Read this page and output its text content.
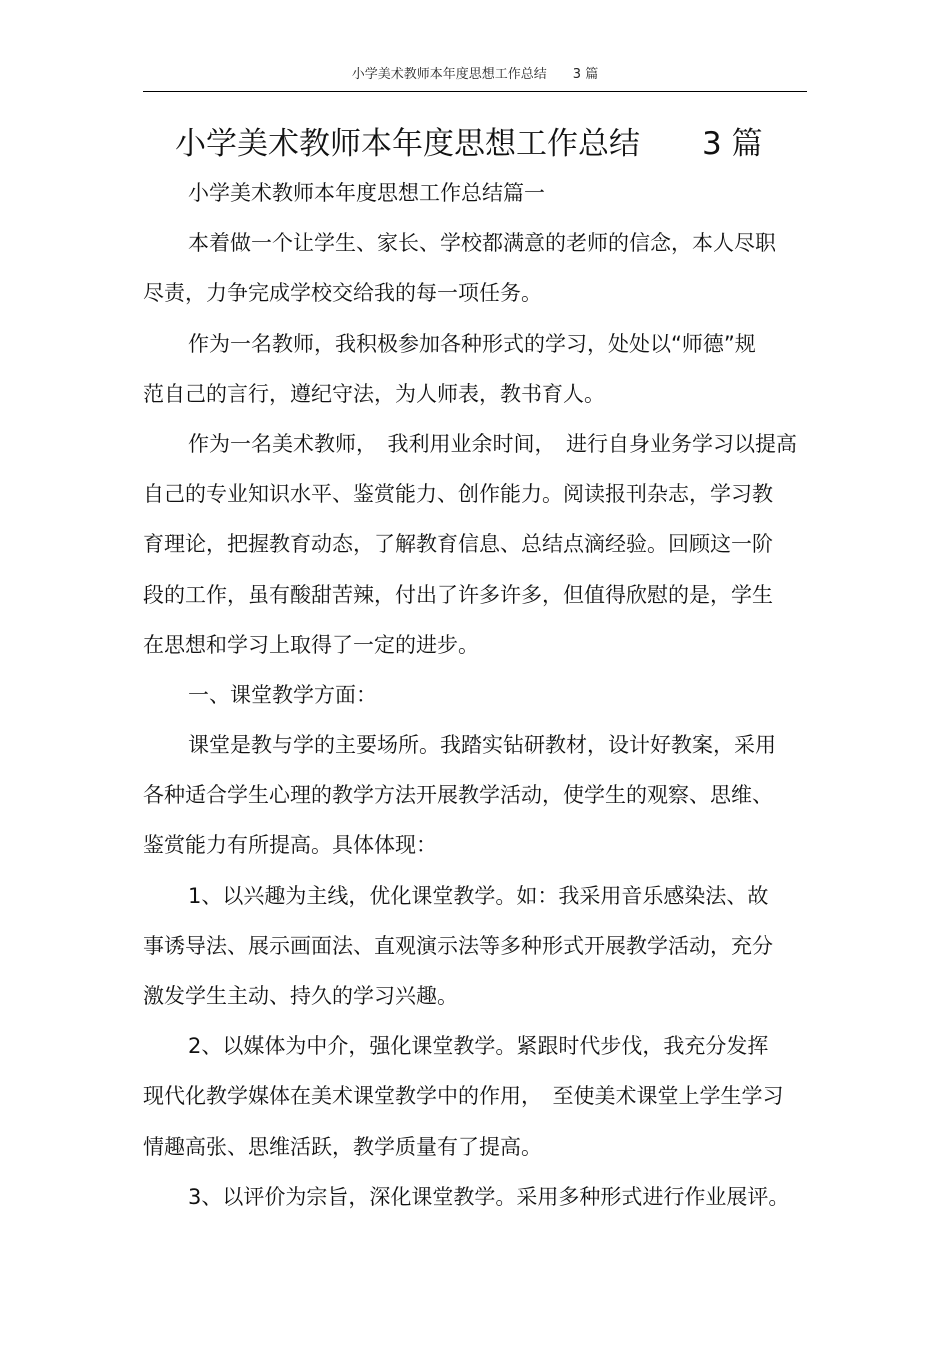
小学美术教师本年度思想工作总结　　3 篇
小学美术教师本年度思想工作总结　　3 篇
小学美术教师本年度思想工作总结篇一
本着做一个让学生、家长、学校都满意的老师的信念，本人尽职
尽责，力争完成学校交给我的每一项任务。
作为一名教师，我积极参加各种形式的学习，处处以“师德”规
范自己的言行，遵纪守法，为人师表，教书育人。
作为一名美术教师，　我利用业余时间，　进行自身业务学习以提高
自己的专业知识水平、鉴赏能力、创作能力。阅读报刊杂志，学习教
育理论，把握教育动态，了解教育信息、总结点滴经验。回顾这一阶
段的工作，虽有酸甜苦辣，付出了许多许多，但值得欣慰的是，学生
在思想和学习上取得了一定的进步。
一、课堂教学方面：
课堂是教与学的主要场所。我踏实钻研教材，设计好教案，采用
各种适合学生心理的教学方法开展教学活动，使学生的观察、思维、
鉴赏能力有所提高。具体体现：
1、以兴趣为主线，优化课堂教学。如：我采用音乐感染法、故
事诱导法、展示画面法、直观演示法等多种形式开展教学活动，充分
激发学生主动、持久的学习兴趣。
2、以媒体为中介，强化课堂教学。紧跟时代步伐，我充分发挥
现代化教学媒体在美术课堂教学中的作用，　至使美术课堂上学生学习
情趣高张、思维活跃，教学质量有了提高。
3、以评价为宗旨，深化课堂教学。采用多种形式进行作业展评。
